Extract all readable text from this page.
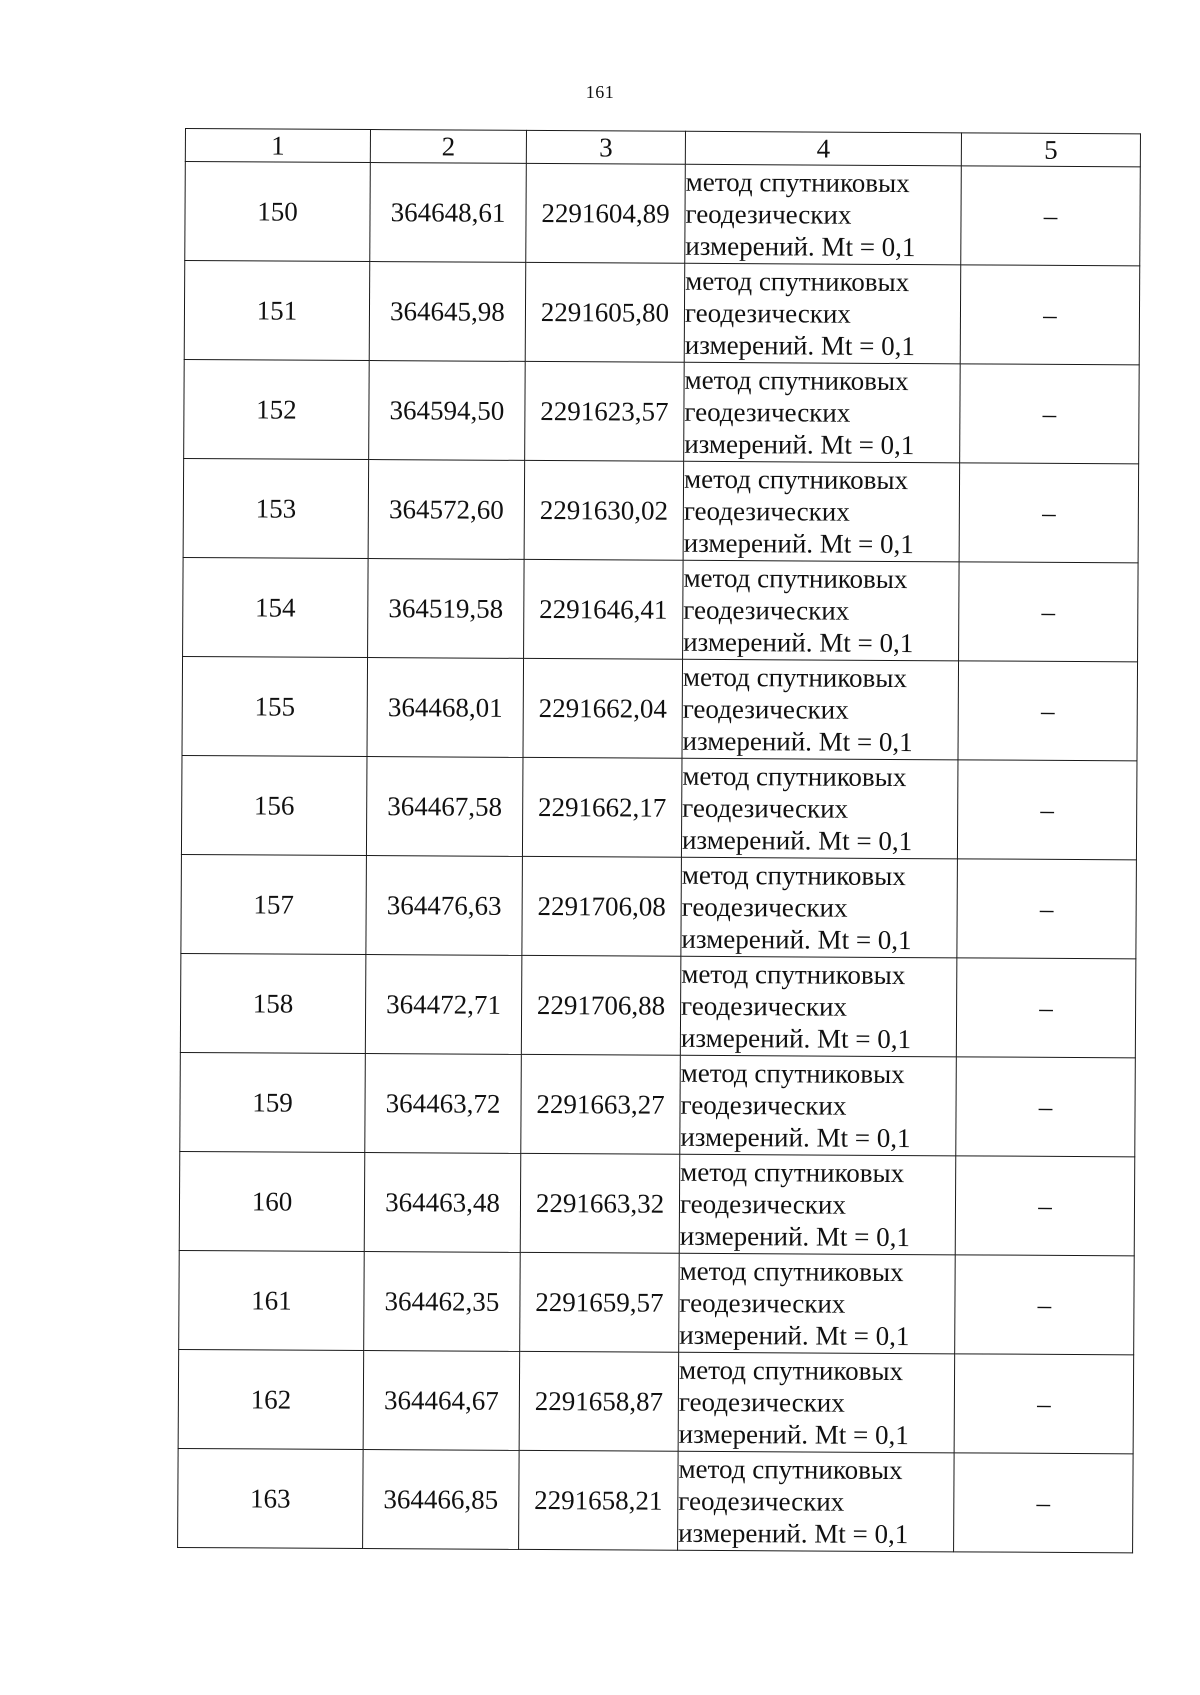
161
1	2	3	4	5
150	364648,61	2291604,89	метод спутниковых
геодезических
измерений. Mt = 0,1	–
151	364645,98	2291605,80	метод спутниковых
геодезических
измерений. Mt = 0,1	–
152	364594,50	2291623,57	метод спутниковых
геодезических
измерений. Mt = 0,1	–
153	364572,60	2291630,02	метод спутниковых
геодезических
измерений. Mt = 0,1	–
154	364519,58	2291646,41	метод спутниковых
геодезических
измерений. Mt = 0,1	–
155	364468,01	2291662,04	метод спутниковых
геодезических
измерений. Mt = 0,1	–
156	364467,58	2291662,17	метод спутниковых
геодезических
измерений. Mt = 0,1	–
157	364476,63	2291706,08	метод спутниковых
геодезических
измерений. Mt = 0,1	–
158	364472,71	2291706,88	метод спутниковых
геодезических
измерений. Mt = 0,1	–
159	364463,72	2291663,27	метод спутниковых
геодезических
измерений. Mt = 0,1	–
160	364463,48	2291663,32	метод спутниковых
геодезических
измерений. Mt = 0,1	–
161	364462,35	2291659,57	метод спутниковых
геодезических
измерений. Mt = 0,1	–
162	364464,67	2291658,87	метод спутниковых
геодезических
измерений. Mt = 0,1	–
163	364466,85	2291658,21	метод спутниковых
геодезических
измерений. Mt = 0,1	–
